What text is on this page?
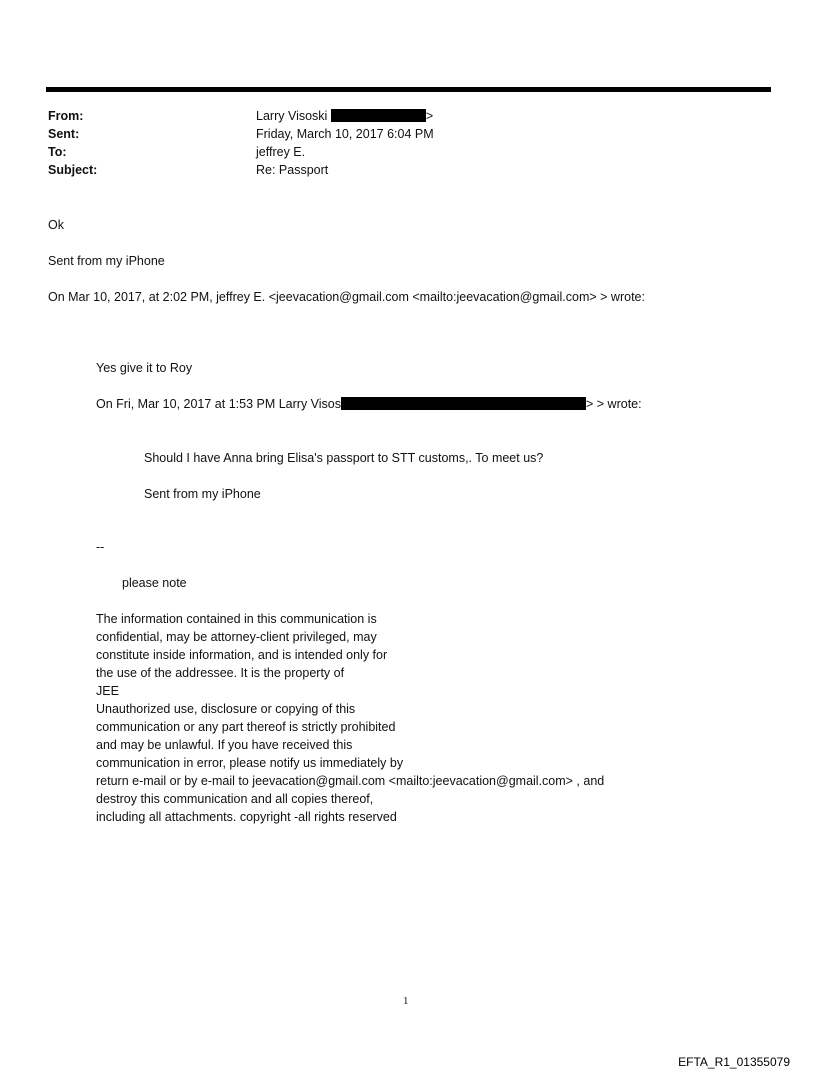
From:
Sent:
To:
Subject:
Larry Visoski	>
Friday, March 10, 2017 6:04 PM
jeffrey E.
Re: Passport
Ok
Sent from my iPhone
On Mar 10, 2017, at 2:02 PM, jeffrey E. <jeevacation@gmail.com <mailto:jeevacation@gmail.com> > wrote:
Yes give it to Roy
On Fri, Mar 10, 2017 at 1:53 PM Larry Visos	> > wrote:
Should I have Anna bring Elisa's passport to STT customs,. To meet us?
Sent from my iPhone
--
please note
The information contained in this communication is
confidential, may be attorney-client privileged, may
constitute inside information, and is intended only for
the use of the addressee. It is the property of
JEE
Unauthorized use, disclosure or copying of this
communication or any part thereof is strictly prohibited
and may be unlawful. If you have received this
communication in error, please notify us immediately by
return e-mail or by e-mail to jeevacation@gmail.com <mailto:jeevacation@gmail.com> , and
destroy this communication and all copies thereof,
including all attachments. copyright -all rights reserved
1
EFTA_R1_01355079
